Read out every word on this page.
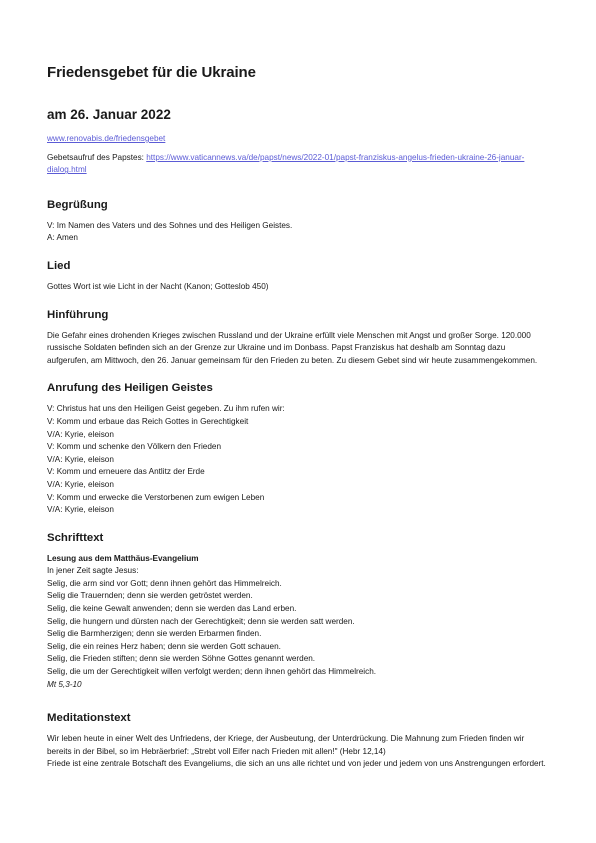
Friedensgebet für die Ukraine
am 26. Januar 2022
www.renovabis.de/friedensgebet
Gebetsaufruf des Papstes: https://www.vaticannews.va/de/papst/news/2022-01/papst-franziskus-angelus-frieden-ukraine-26-januar-dialog.html
Begrüßung

V: Im Namen des Vaters und des Sohnes und des Heiligen Geistes.

A: Amen

Lied

Gottes Wort ist wie Licht in der Nacht (Kanon; Gotteslob 450)

Hinführung

Die Gefahr eines drohenden Krieges zwischen Russland und der Ukraine erfüllt viele Menschen mit Angst und großer Sorge. 120.000 russische Soldaten befinden sich an der Grenze zur Ukraine und im Donbass. Papst Franziskus hat deshalb am Sonntag dazu aufgerufen, am Mittwoch, den 26. Januar gemeinsam für den Frieden zu beten. Zu diesem Gebet sind wir heute zusammengekommen.

Anrufung des Heiligen Geistes

V: Christus hat uns den Heiligen Geist gegeben. Zu ihm rufen wir:

V: Komm und erbaue das Reich Gottes in Gerechtigkeit

V/A: Kyrie, eleison

V: Komm und schenke den Völkern den Frieden

V/A: Kyrie, eleison

V: Komm und erneuere das Antlitz der Erde

V/A: Kyrie, eleison

V: Komm und erwecke die Verstorbenen zum ewigen Leben

V/A: Kyrie, eleison

Schrifttext

Lesung aus dem Matthäus-Evangelium

In jener Zeit sagte Jesus:

Selig, die arm sind vor Gott; denn ihnen gehört das Himmelreich.

Selig die Trauernden; denn sie werden getröstet werden.

Selig, die keine Gewalt anwenden; denn sie werden das Land erben.

Selig, die hungern und dürsten nach der Gerechtigkeit; denn sie werden satt werden.

Selig die Barmherzigen; denn sie werden Erbarmen finden.

Selig, die ein reines Herz haben; denn sie werden Gott schauen.

Selig, die Frieden stiften; denn sie werden Söhne Gottes genannt werden.

Selig, die um der Gerechtigkeit willen verfolgt werden; denn ihnen gehört das Himmelreich.

Mt 5,3-10

Meditationstext

Wir leben heute in einer Welt des Unfriedens, der Kriege, der Ausbeutung, der Unterdrückung. Die Mahnung zum Frieden finden wir bereits in der Bibel, so im Hebräerbrief: „Strebt voll Eifer nach Frieden mit allen!" (Hebr 12,14)

Friede ist eine zentrale Botschaft des Evangeliums, die sich an uns alle richtet und von jeder und jedem von uns Anstrengungen erfordert.
